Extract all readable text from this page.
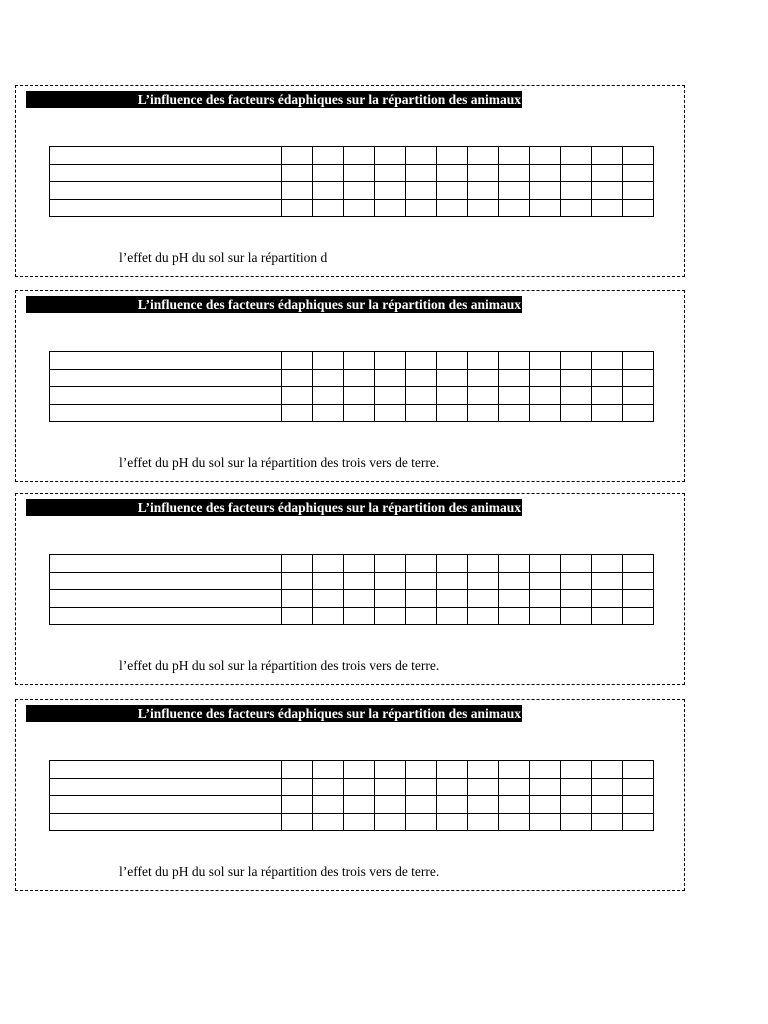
L’influence des facteurs édaphiques sur la répartition des animaux

l’effet du pH du sol sur la répartition d
L’influence des facteurs édaphiques sur la répartition des animaux

l’effet du pH du sol sur la répartition des trois vers de terre.
L’influence des facteurs édaphiques sur la répartition des animaux

l’effet du pH du sol sur la répartition des trois vers de terre.
L’influence des facteurs édaphiques sur la répartition des animaux

l’effet du pH du sol sur la répartition des trois vers de terre.
